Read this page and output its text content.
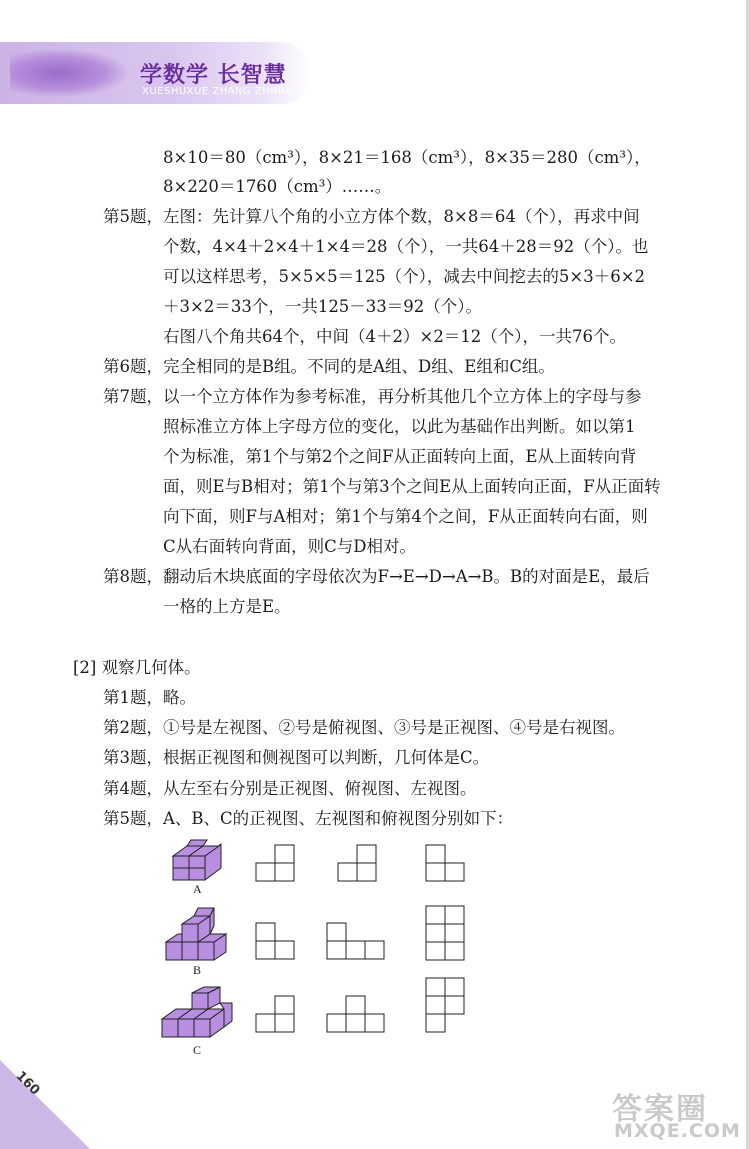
学数学 长智慧
XUESHUXUE ZHANG ZHIHUI
8×10＝80（cm³），8×21＝168（cm³），8×35＝280（cm³），
8×220＝1760（cm³）……。
第5题，左图：先计算八个角的小立方体个数，8×8＝64（个），再求中间
个数，4×4＋2×4＋1×4＝28（个），一共64＋28＝92（个）。也
可以这样思考，5×5×5＝125（个），减去中间挖去的5×3＋6×2
＋3×2＝33个，一共125－33＝92（个）。
右图八个角共64个，中间（4＋2）×2＝12（个），一共76个。
第6题，完全相同的是B组。不同的是A组、D组、E组和C组。
第7题，以一个立方体作为参考标准，再分析其他几个立方体上的字母与参
照标准立方体上字母方位的变化，以此为基础作出判断。如以第1
个为标准，第1个与第2个之间F从正面转向上面，E从上面转向背
面，则E与B相对；第1个与第3个之间E从上面转向正面，F从正面转
向下面，则F与A相对；第1个与第4个之间，F从正面转向右面，则
C从右面转向背面，则C与D相对。
第8题，翻动后木块底面的字母依次为F→E→D→A→B。B的对面是E，最后
一格的上方是E。
[2] 观察几何体。
第1题，略。
第2题，①号是左视图、②号是俯视图、③号是正视图、④号是右视图。
第3题，根据正视图和侧视图可以判断，几何体是C。
第4题，从左至右分别是正视图、俯视图、左视图。
第5题，A、B、C的正视图、左视图和俯视图分别如下：
A
B
C
160
答案圈
MXQE.COM
